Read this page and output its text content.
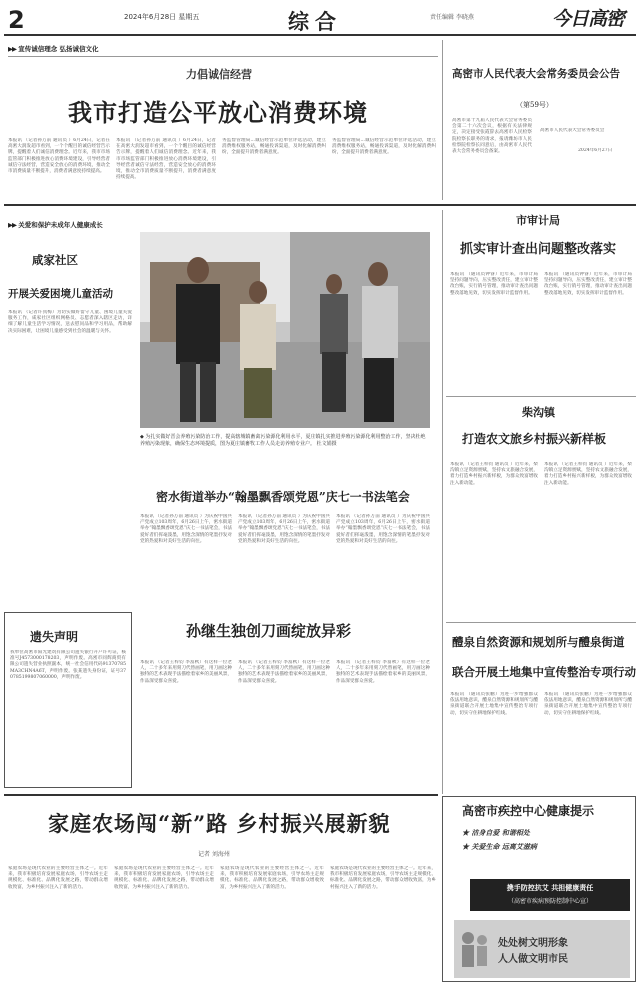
2	2024年6月28日 星期五	综合	责任编辑 李晓燕	今日高密
▶▶ 宣传诚信理念 弘扬诚信文化
力倡诚信经营
我市打造公平放心消费环境
本报讯 （记者孙万前 通讯员 ）6月24日，记者在高密大润发超市看到，一个个醒目的诚信经营告示牌，提醒着人们诚信消费理念。近年来，我市市场监管部门积极推进放心消费环境建设，引导经营者诚信守法经营，营造安全放心的消费环境，推动全市消费质量不断提升，消费者满意度持续提高。
本报讯 （记者孙万前 通讯员 ）6月24日，记者在高密大润发超市看到，一个个醒目的诚信经营告示牌，提醒着人们诚信消费理念。近年来，我市市场监管部门积极推进放心消费环境建设，引导经营者诚信守法经营，营造安全放心的消费环境，推动全市消费质量不断提升，消费者满意度持续提高。
务监督管理局...诚信经营示范单位评选活动，建立消费维权服务站，畅通投诉渠道，及时化解消费纠纷，全面提升消费者满意度。
务监督管理局...诚信经营示范单位评选活动，建立消费维权服务站，畅通投诉渠道，及时化解消费纠纷，全面提升消费者满意度。
高密市人民代表大会常务委员会公告
（第59号）
高密市第十九届人民代表大会常务委员会第二十六次会议，根据有关法律规定，决定接受张霞辞去高密市人民检察院检察长职务的请求，报请潍坊市人民检察院检察长同意后，由高密市人民代表大会常务委员会备案。
高密市人民代表大会常务委员会
2024年6月27日
▶▶ 关爱和保护未成年人健康成长
咸家社区
开展关爱困境儿童活动
本报讯 （记者许真梅）为切实做好留守儿童、困境儿童关爱服务工作，咸家社区组织网格员、志愿者深入辖区走访，详细了解儿童生活学习情况，送去慰问品和学习用品，帮助解决实际困难，让困境儿童感受到社会的温暖与关怀。
◆ 为扎实做好晋会养殖污染防治工作，提高辖城镇畜禽污染源化利用水平，夏庄镇扎实推进养殖污染源化利用整治工作，坚决杜绝养殖污染现象，确保生态环境提质，图为夏庄镇畜牧工作人员走访养殖专业户。 杜文娟摄
密水街道举办“翰墨飘香颂党恩”庆七一书法笔会
本报讯 （记者孙万前 通讯员 ）为庆祝中国共产党成立103周年，6月26日上午，密水街道举办“翰墨飘香颂党恩”庆七一书法笔会，书法爱好者们挥毫泼墨，用饱含深情的笔墨抒发对党的热爱和对美好生活的向往。
本报讯 （记者孙万前 通讯员 ）为庆祝中国共产党成立103周年，6月26日上午，密水街道举办“翰墨飘香颂党恩”庆七一书法笔会，书法爱好者们挥毫泼墨，用饱含深情的笔墨抒发对党的热爱和对美好生活的向往。
本报讯 （记者孙万前 通讯员 ）为庆祝中国共产党成立103周年，6月26日上午，密水街道举办“翰墨飘香颂党恩”庆七一书法笔会，书法爱好者们挥毫泼墨，用饱含深情的笔墨抒发对党的热爱和对美好生活的向往。
孙继生独创刀画绽放异彩
本报讯 （记者王梓钧 李富秋）有这样一位老人，二十多年来用刻刀代替画笔，用刀画这种独特的艺术表现手法描绘着家乡的美丽风景，作品深受群众喜爱。
本报讯 （记者王梓钧 李富秋）有这样一位老人，二十多年来用刻刀代替画笔，用刀画这种独特的艺术表现手法描绘着家乡的美丽风景，作品深受群众喜爱。
本报讯 （记者王梓钧 李富秋）有这样一位老人，二十多年来用刻刀代替画笔，用刀画这种独特的艺术表现手法描绘着家乡的美丽风景，作品深受群众喜爱。
遗失声明
我单位高密市阳光建筑有限公司遗失银行开户许可证，核准号J4573000178203，声明作废。高密市同辉商贸有限公司遗失营业执照副本，统一社会信用代码91370785MA3CHN4A6T，声明作废。张某遗失身份证，证号370785199807060000，声明作废。
市审计局
抓实审计查出问题整改落实
本报讯 （通讯员钟睿）近年来，市审计局坚持问题导向，压实整改责任，建立审计整改台账，实行销号管理，推动审计查出问题整改落地见效，切实发挥审计监督作用。
本报讯 （通讯员钟睿）近年来，市审计局坚持问题导向，压实整改责任，建立审计整改台账，实行销号管理，推动审计查出问题整改落地见效，切实发挥审计监督作用。
柴沟镇
打造农文旅乡村振兴新样板
本报讯 （记者王梓钧 通讯员 ）近年来，柴沟镇立足资源禀赋，坚持农文旅融合发展，着力打造乡村振兴新样板，为群众致富增收注入新动能。
本报讯 （记者王梓钧 通讯员 ）近年来，柴沟镇立足资源禀赋，坚持农文旅融合发展，着力打造乡村振兴新样板，为群众致富增收注入新动能。
醴泉自然资源和规划所与醴泉街道
联合开展土地集中宣传整治专项行动
本报讯 （通讯员张鹏）为进一步增强群众依法用地意识，醴泉自然资源和规划所与醴泉街道联合开展土地集中宣传整治专项行动，切实守住耕地保护红线。
本报讯 （通讯员张鹏）为进一步增强群众依法用地意识，醴泉自然资源和规划所与醴泉街道联合开展土地集中宣传整治专项行动，切实守住耕地保护红线。
家庭农场闯“新”路 乡村振兴展新貌
记者 刘海州
家庭农场是现代农业的主要经营主体之一。近年来，我市积极培育发展家庭农场，引导农场主走规模化、标准化、品牌化发展之路，带动群众增收致富，为乡村振兴注入了新的活力。
家庭农场是现代农业的主要经营主体之一。近年来，我市积极培育发展家庭农场，引导农场主走规模化、标准化、品牌化发展之路，带动群众增收致富，为乡村振兴注入了新的活力。
家庭农场是现代农业的主要经营主体之一。近年来，我市积极培育发展家庭农场，引导农场主走规模化、标准化、品牌化发展之路，带动群众增收致富，为乡村振兴注入了新的活力。
家庭农场是现代农业的主要经营主体之一。近年来，我市积极培育发展家庭农场，引导农场主走规模化、标准化、品牌化发展之路，带动群众增收致富，为乡村振兴注入了新的活力。
高密市疾控中心健康提示
★ 洁身自爱 和谐相处
★ 关爱生命 远离艾滋病
携手防控抗艾 共担健康责任
（高密市疾病预防控制中心宣）
处处树文明形象
人人做文明市民
